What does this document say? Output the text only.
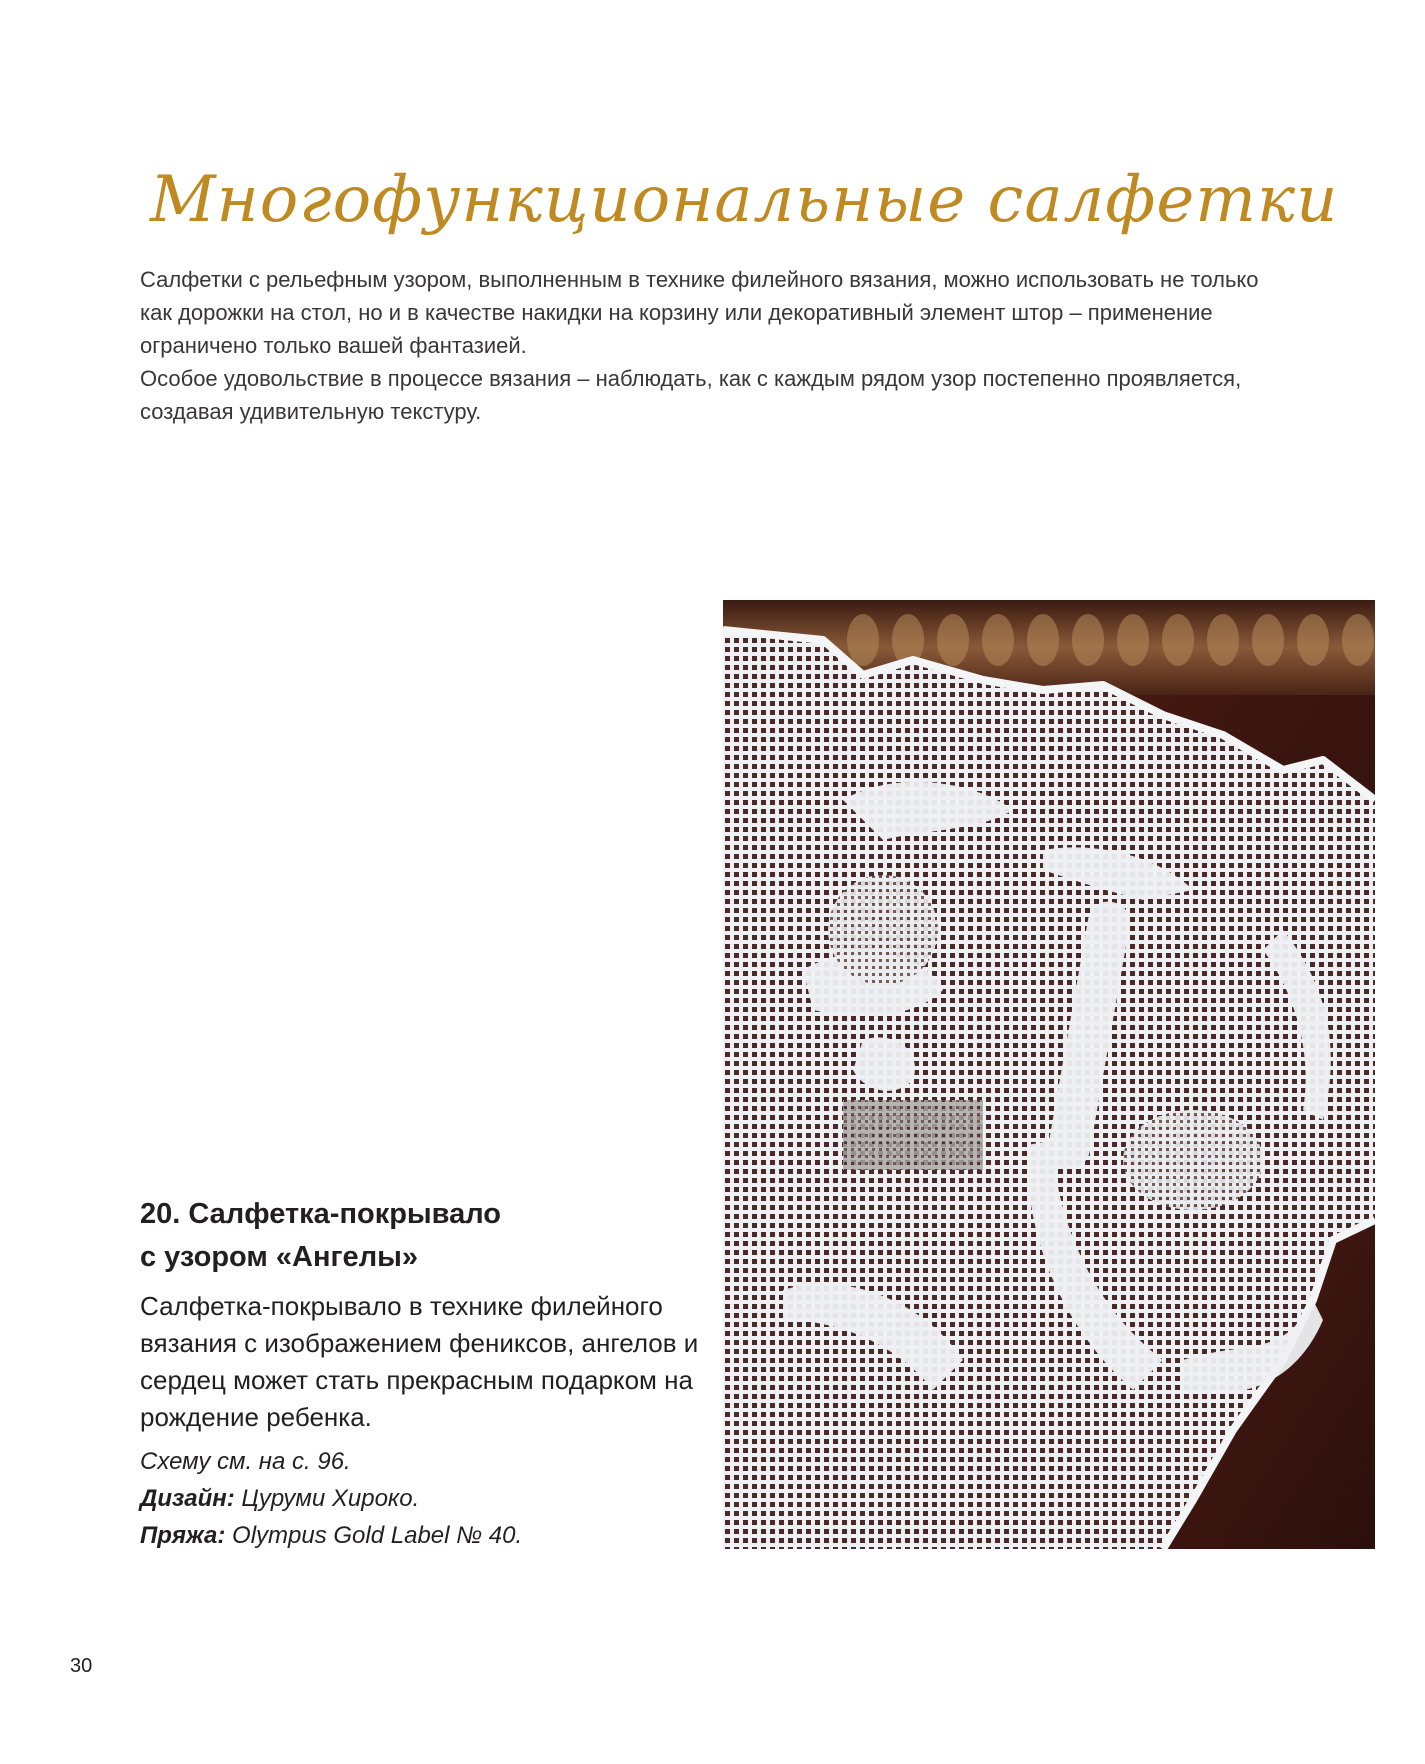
Многофункциональные салфетки

Салфетки с рельефным узором, выполненным в технике филейного вязания, можно использовать не только как дорожки на стол, но и в качестве накидки на корзину или декоративный элемент штор – применение ограничено только вашей фантазией.

Особое удовольствие в процессе вязания – наблюдать, как с каждым рядом узор постепенно проявляется, создавая удивительную текстуру.

20. Салфетка-покрывало
с узором «Ангелы»

Салфетка-покрывало в технике филейного вязания с изображением фениксов, ангелов и сердец может стать прекрасным подарком на рождение ребенка.

Схему см. на с. 96.
Дизайн: Цуруми Хироко.
Пряжа: Olympus Gold Label № 40.
30
